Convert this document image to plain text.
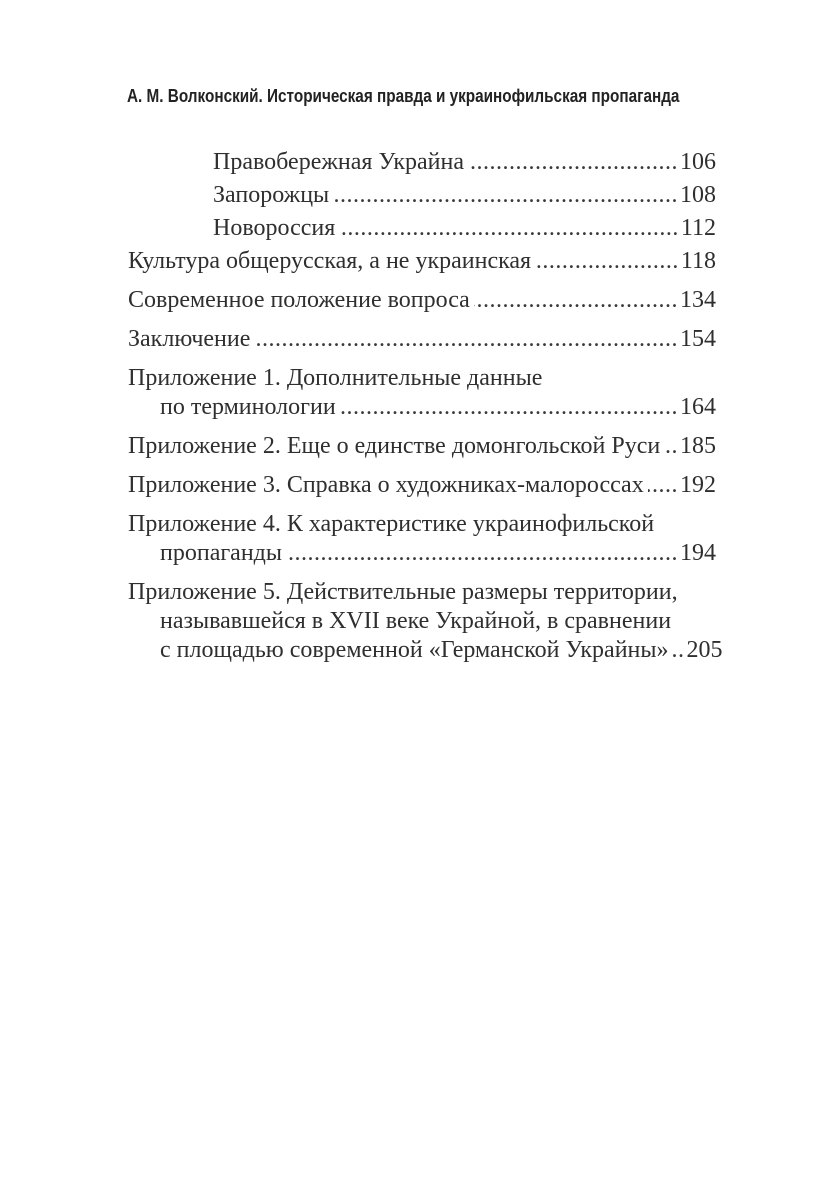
А. М. Волконский. Историческая правда и украинофильская пропаганда
Правобережная Украйна .....	106
Запорожцы .....	108
Новороссия .....	112
Культура общерусская, а не украинская .....	118
Современное положение вопроса .....	134
Заключение .....	154
Приложение 1. Дополнительные данные
по терминологии .....	164
Приложение 2. Еще о единстве домонгольской Руси ..... 185
Приложение 3. Справка о художниках-малороссах ..... 192
Приложение 4. К характеристике украинофильской
пропаганды .....	194
Приложение 5. Действительные размеры территории,
называвшейся в XVII веке Украйной, в сравнении
с площадью современной «Германской Украйны» ..... 205
